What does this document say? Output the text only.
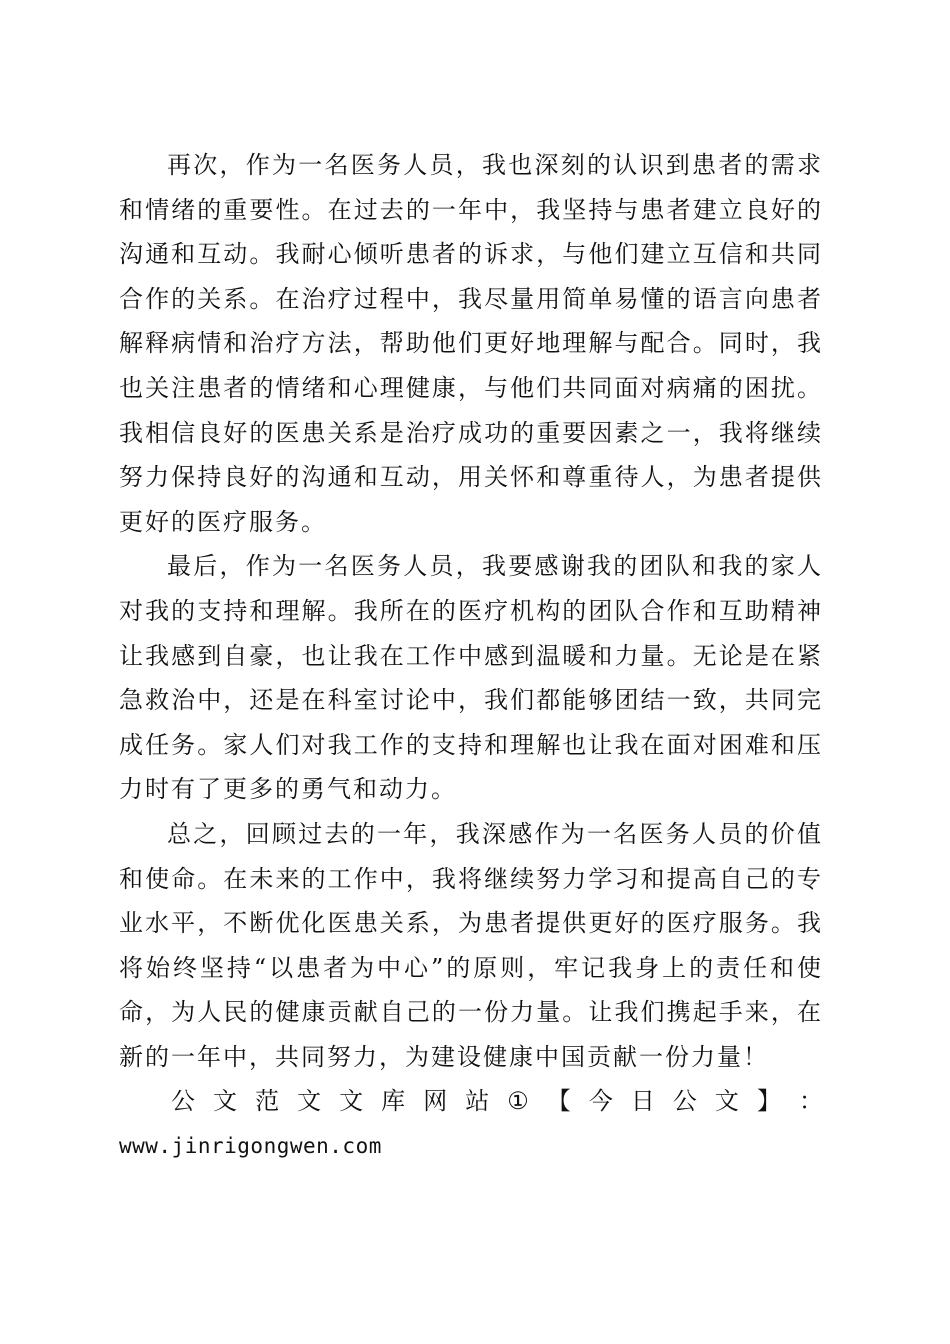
再次，作为一名医务人员，我也深刻的认识到患者的需求和情绪的重要性。在过去的一年中，我坚持与患者建立良好的沟通和互动。我耐心倾听患者的诉求，与他们建立互信和共同合作的关系。在治疗过程中，我尽量用简单易懂的语言向患者解释病情和治疗方法，帮助他们更好地理解与配合。同时，我也关注患者的情绪和心理健康，与他们共同面对病痛的困扰。我相信良好的医患关系是治疗成功的重要因素之一，我将继续努力保持良好的沟通和互动，用关怀和尊重待人，为患者提供更好的医疗服务。

最后，作为一名医务人员，我要感谢我的团队和我的家人对我的支持和理解。我所在的医疗机构的团队合作和互助精神让我感到自豪，也让我在工作中感到温暖和力量。无论是在紧急救治中，还是在科室讨论中，我们都能够团结一致，共同完成任务。家人们对我工作的支持和理解也让我在面对困难和压力时有了更多的勇气和动力。

总之，回顾过去的一年，我深感作为一名医务人员的价值和使命。在未来的工作中，我将继续努力学习和提高自己的专业水平，不断优化医患关系，为患者提供更好的医疗服务。我将始终坚持“以患者为中心”的原则，牢记我身上的责任和使命，为人民的健康贡献自己的一份力量。让我们携起手来，在新的一年中，共同努力，为建设健康中国贡献一份力量！

公 文 范 文 文 库 网 站 ① 【 今 日 公 文 】 ：

www.jinrigongwen.com
